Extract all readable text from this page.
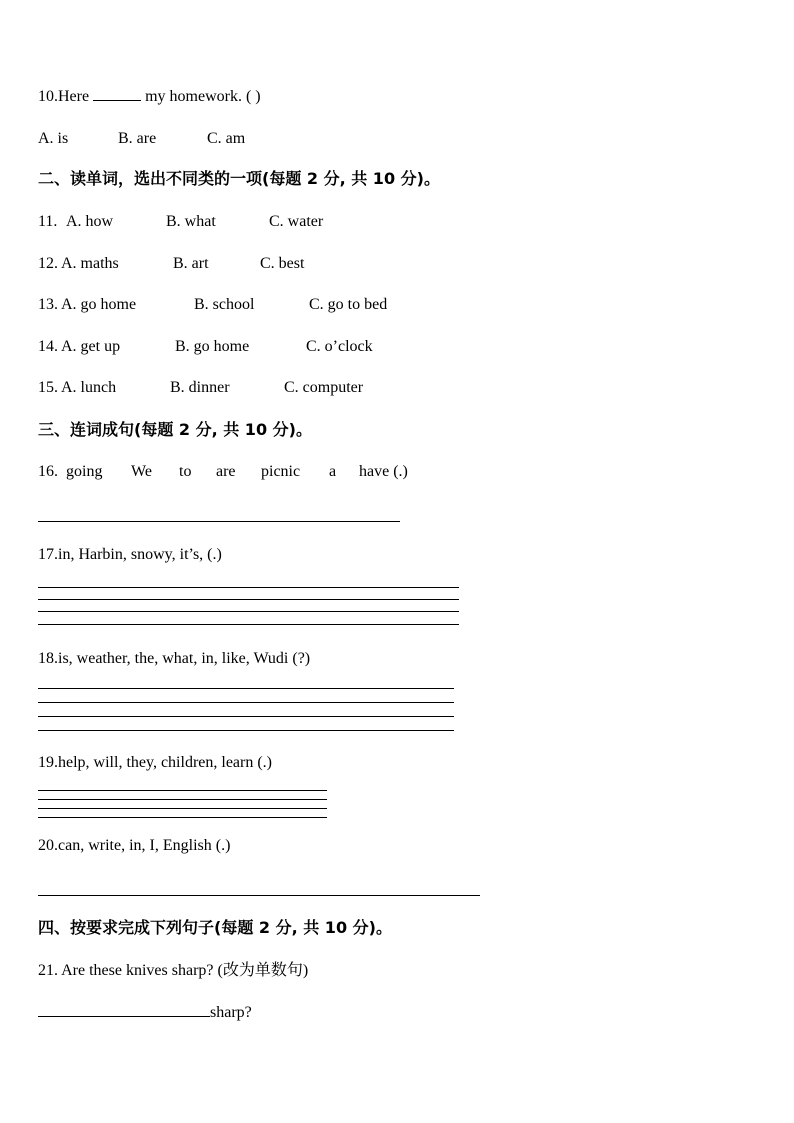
10.Here	my homework. ( )
A. is	B. are	C. am
二、读单词，选出不同类的一项(每题 2 分, 共 10 分)。
11. A. how	B. what	C. water
12. A. maths	B. art	C. best
13. A. go home	B. school	C. go to bed
14. A. get up	B. go home	C. o’clock
15. A. lunch	B. dinner	C. computer
三、连词成句(每题 2 分, 共 10 分)。
16. going We to are picnic a have (.)
17.in, Harbin, snowy, it’s, (.)
18.is, weather, the, what, in, like, Wudi (?)
19.help, will, they, children, learn (.)
20.can, write, in, I, English (.)
四、按要求完成下列句子(每题 2 分, 共 10 分)。
21. Are these knives sharp? (改为单数句)
sharp?
